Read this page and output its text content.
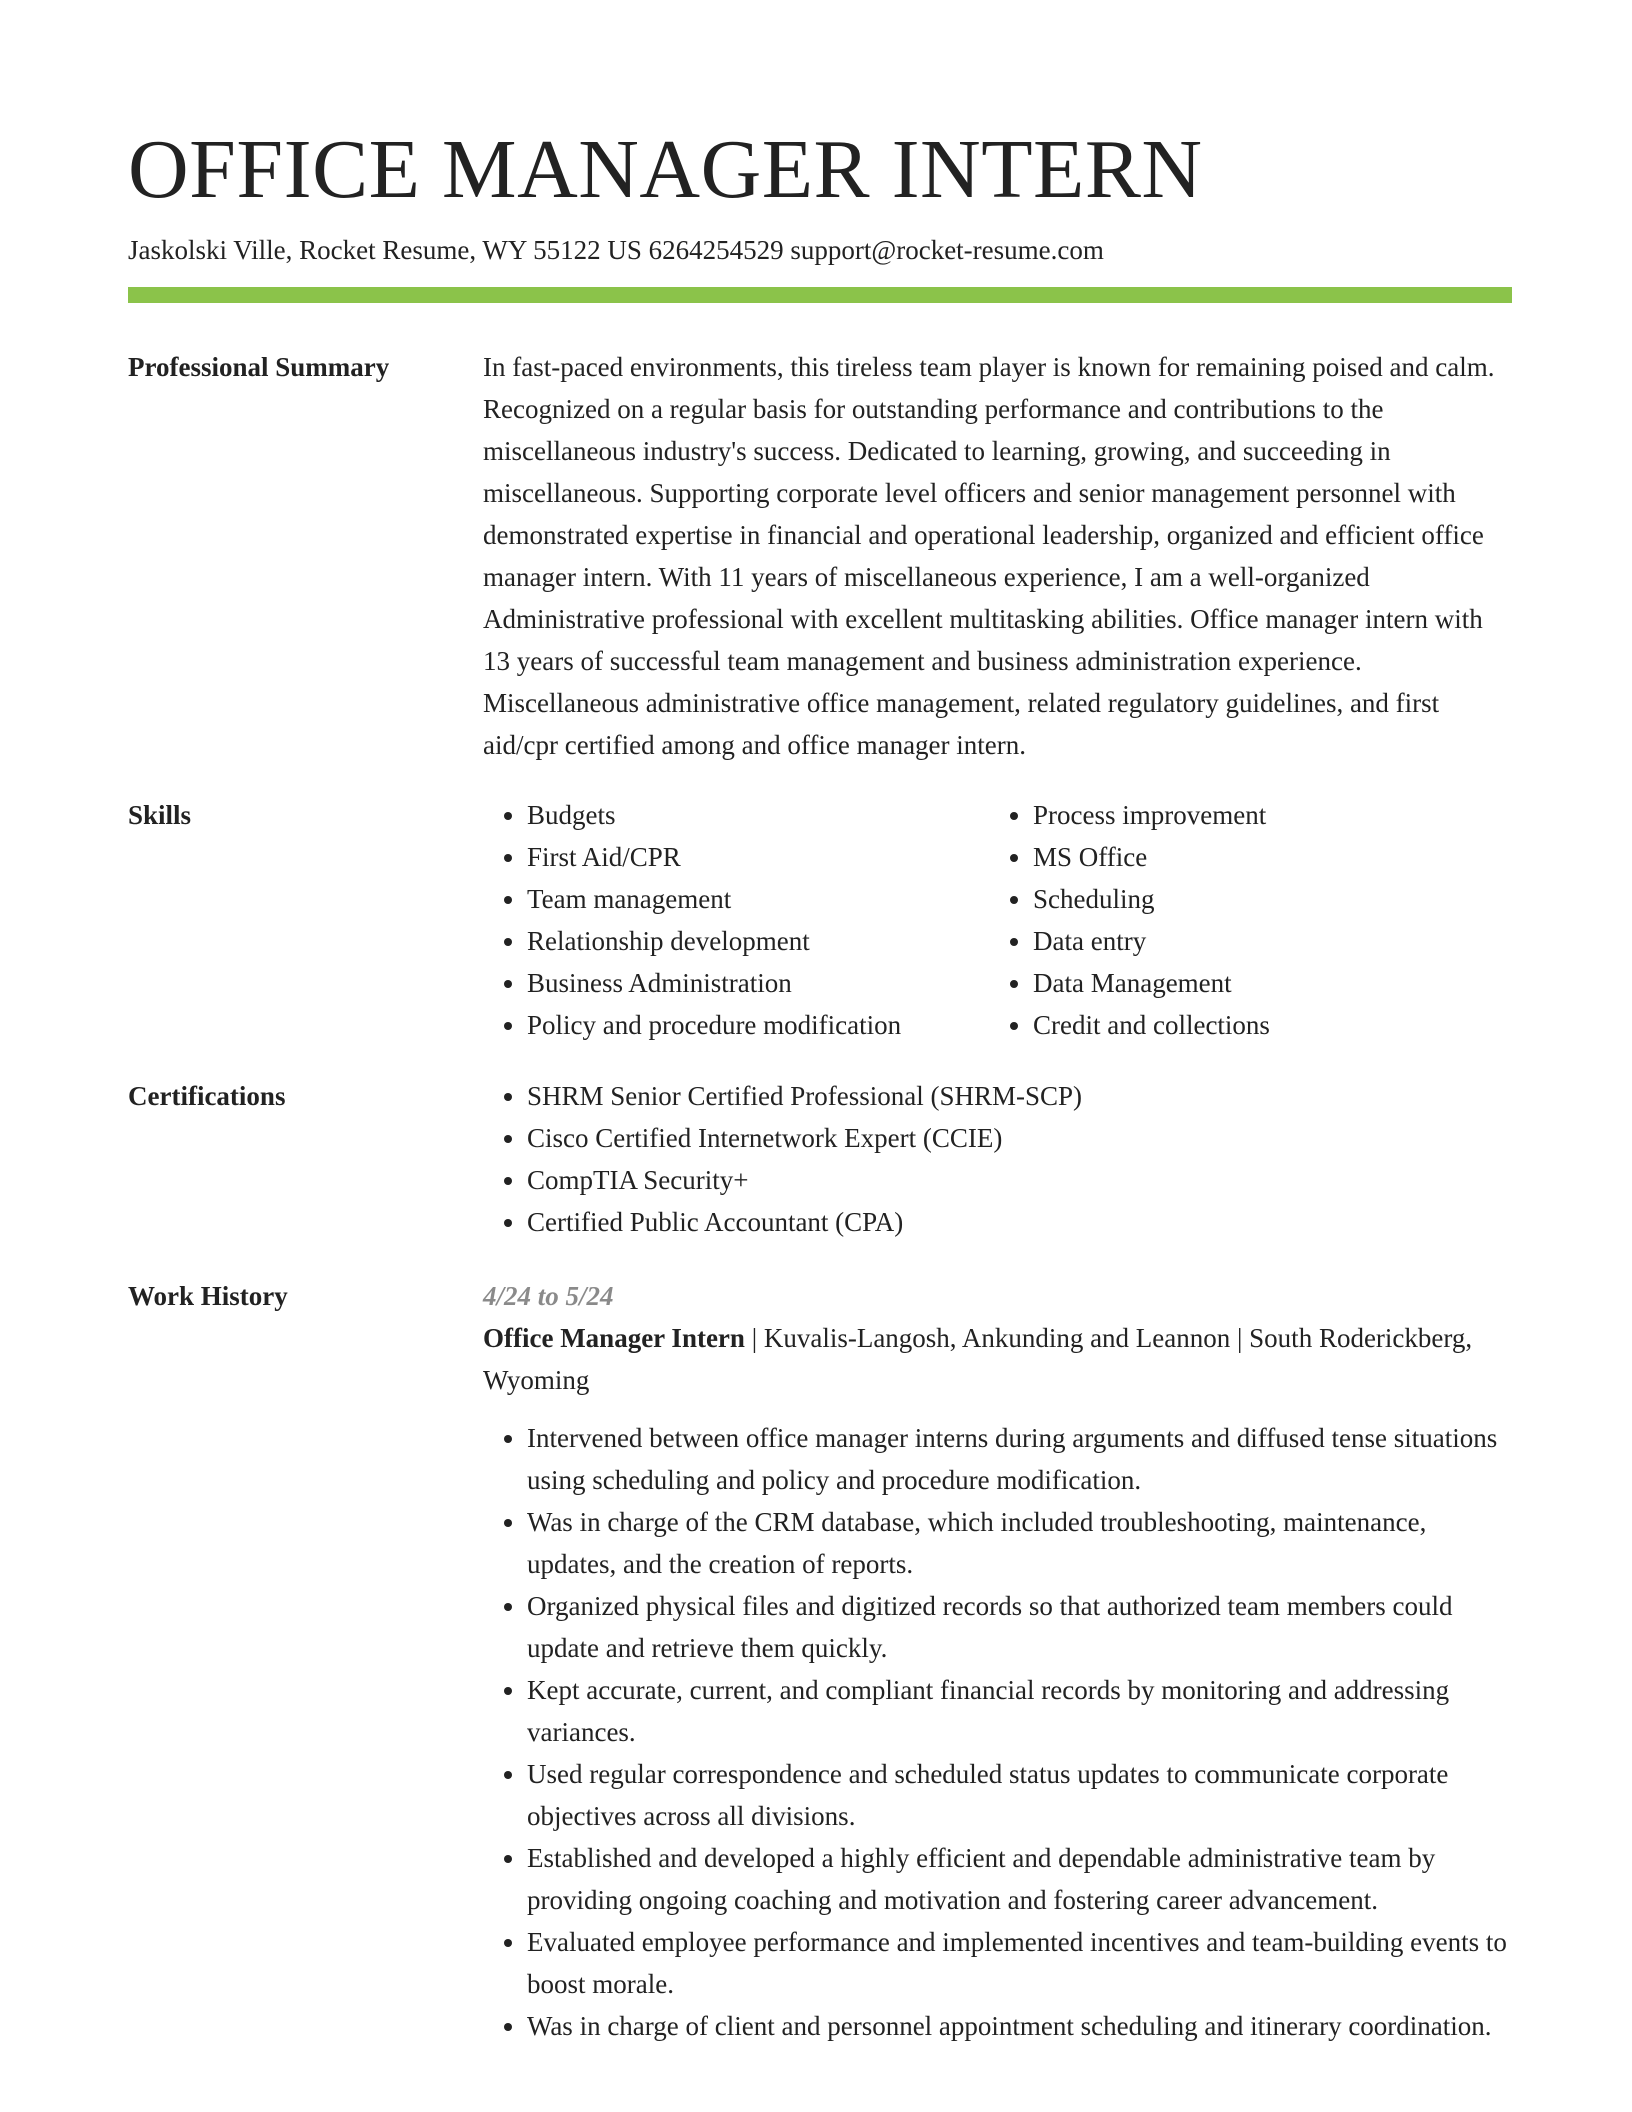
OFFICE MANAGER INTERN
Jaskolski Ville, Rocket Resume, WY 55122 US 6264254529 support@rocket-resume.com
Professional Summary	In fast-paced environments, this tireless team player is known for remaining poised and calm. Recognized on a regular basis for outstanding performance and contributions to the miscellaneous industry's success. Dedicated to learning, growing, and succeeding in miscellaneous. Supporting corporate level officers and senior management personnel with demonstrated expertise in financial and operational leadership, organized and efficient office manager intern. With 11 years of miscellaneous experience, I am a well-organized Administrative professional with excellent multitasking abilities. Office manager intern with 13 years of successful team management and business administration experience. Miscellaneous administrative office management, related regulatory guidelines, and first aid/cpr certified among and office manager intern.

Skills	• Budgets
• First Aid/CPR
• Team management
• Relationship development
• Business Administration
• Policy and procedure modification
• Process improvement
• MS Office
• Scheduling
• Data entry
• Data Management
• Credit and collections
Certifications	• SHRM Senior Certified Professional (SHRM-SCP)
• Cisco Certified Internetwork Expert (CCIE)
• CompTIA Security+
• Certified Public Accountant (CPA)
Work History	4/24 to 5/24
Office Manager Intern | Kuvalis-Langosh, Ankunding and Leannon | South Roderickberg, Wyoming
• Intervened between office manager interns during arguments and diffused tense situations using scheduling and policy and procedure modification.
• Was in charge of the CRM database, which included troubleshooting, maintenance, updates, and the creation of reports.
• Organized physical files and digitized records so that authorized team members could update and retrieve them quickly.
• Kept accurate, current, and compliant financial records by monitoring and addressing variances.
• Used regular correspondence and scheduled status updates to communicate corporate objectives across all divisions.
• Established and developed a highly efficient and dependable administrative team by providing ongoing coaching and motivation and fostering career advancement.
• Evaluated employee performance and implemented incentives and team-building events to boost morale.
• Was in charge of client and personnel appointment scheduling and itinerary coordination.
